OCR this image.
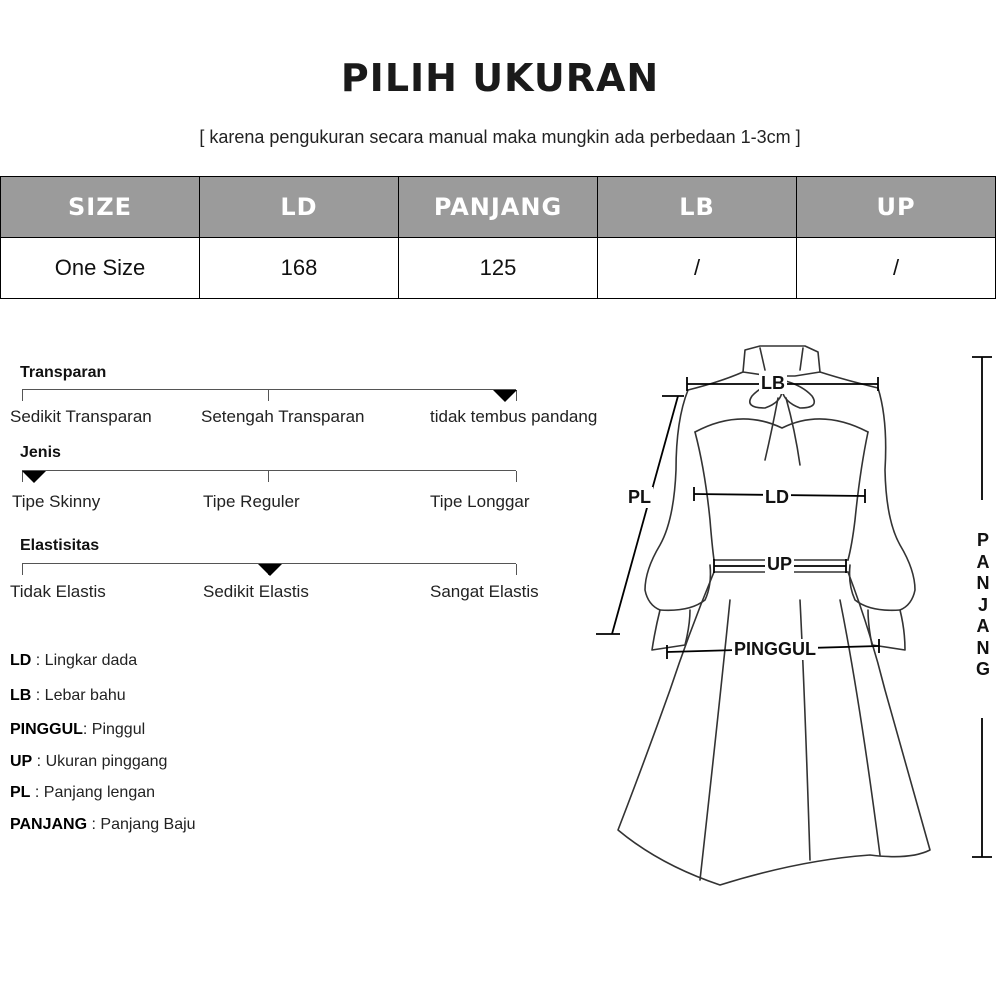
PILIH UKURAN
[ karena pengukuran secara manual maka mungkin ada perbedaan 1-3cm ]
SIZE	LD	PANJANG	LB	UP
One Size	168	125	/	/
Transparan
Sedikit Transparan	Setengah Transparan	tidak tembus pandang
Jenis
Tipe Skinny	Tipe Reguler	Tipe Longgar
Elastisitas
Tidak Elastis	Sedikit Elastis	Sangat Elastis
LD : Lingkar dada
LB : Lebar bahu
PINGGUL: Pinggul
UP : Ukuran pinggang
PL : Panjang lengan
PANJANG : Panjang Baju
LB
LD
UP
PINGGUL
PL
P
A
N
J
A
N
G
